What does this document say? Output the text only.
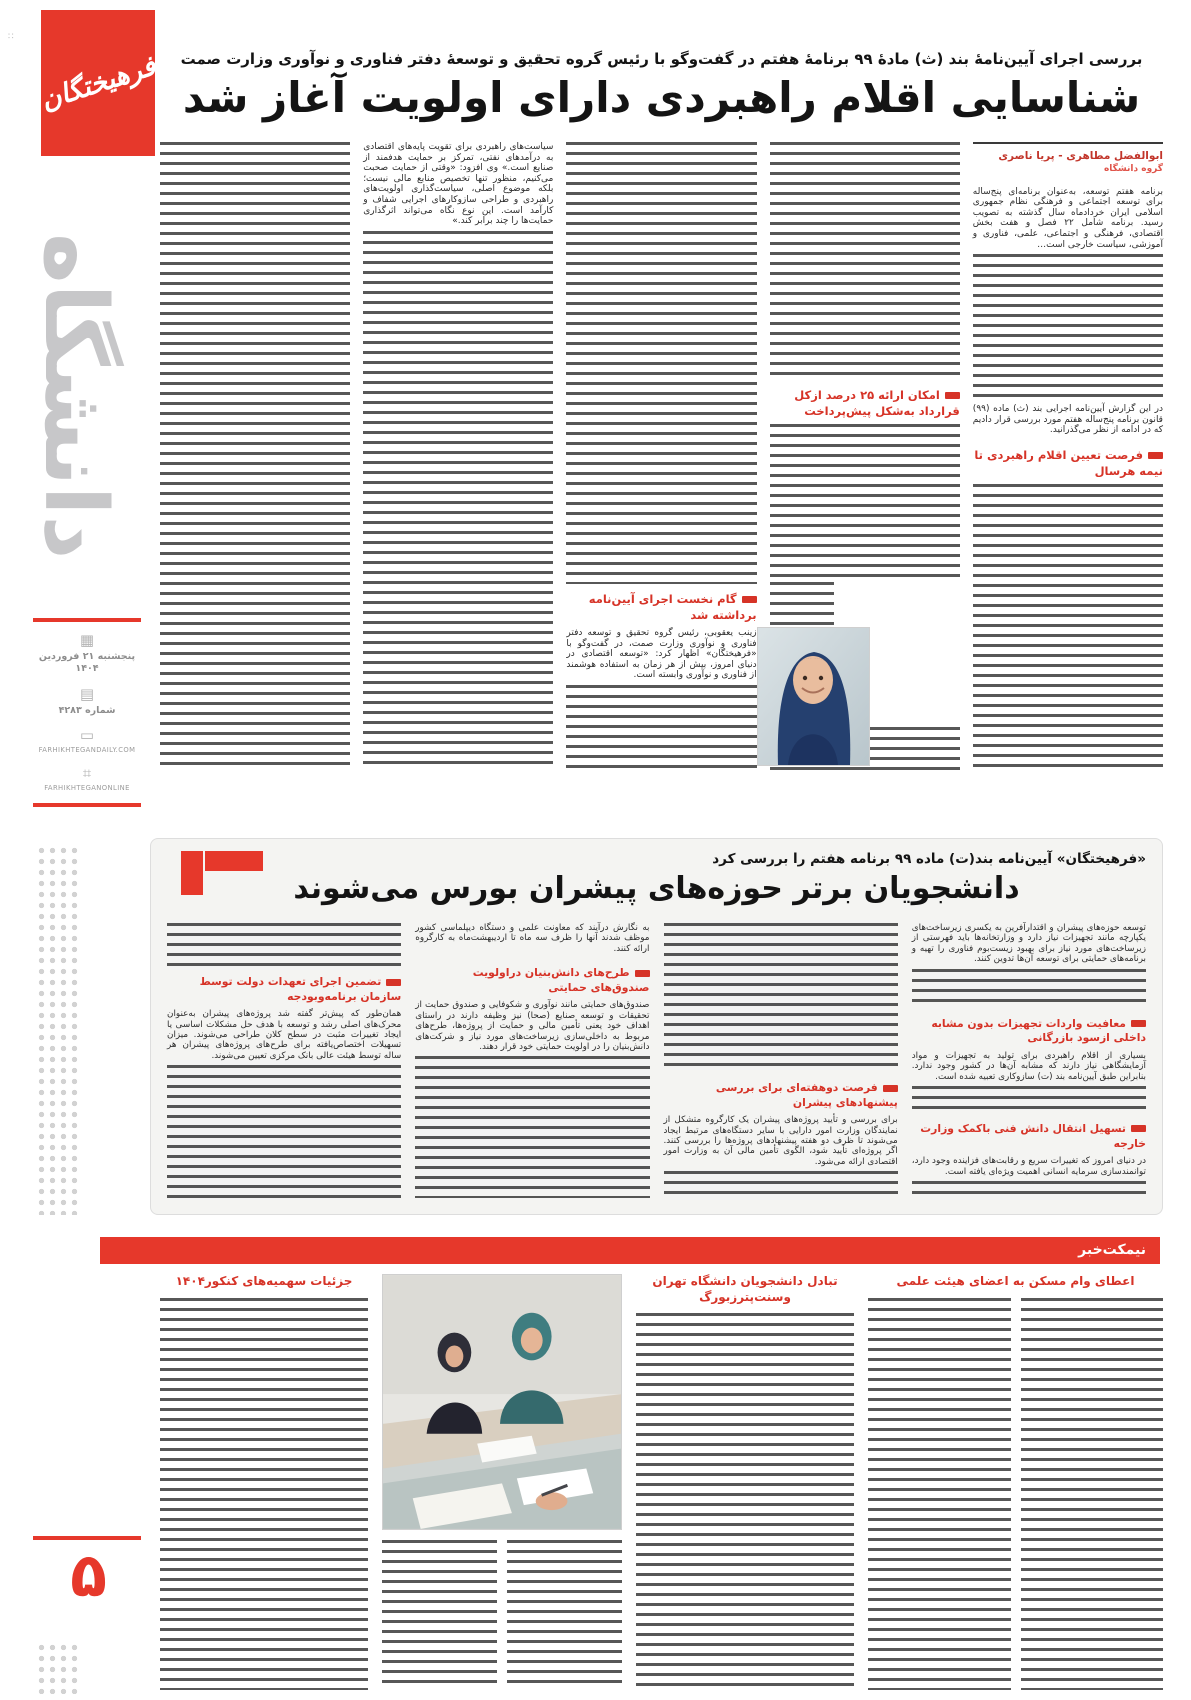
∷
فرهیختگان
دانشگاه
▦
پنجشنبه ۲۱ فروردین ۱۴۰۴
▤
شماره ۴۲۸۳
▭
FARHIKHTEGANDAILY.COM
⌗
FARHIKHTEGANONLINE
۵
بررسی اجرای آیین‌نامهٔ بند (ث) مادهٔ ۹۹ برنامهٔ هفتم در گفت‌وگو با رئیس گروه تحقیق و توسعهٔ دفتر فناوری و نوآوری وزارت صمت
شناسایی اقلام راهبردی دارای اولویت آغاز شد
ابوالفضل مطاهری - پریا ناصری
گروه دانشگاه

برنامه هفتم توسعه، به‌عنوان برنامه‌ای پنج‌ساله برای توسعه اجتماعی و فرهنگی نظام جمهوری اسلامی ایران خردادماه سال گذشته به تصویب رسید. برنامه شامل ۲۲ فصل و هفت بخش اقتصادی، فرهنگی و اجتماعی، علمی، فناوری و آموزشی، سیاست خارجی است…

در این گزارش آیین‌نامه اجرایی بند (ث) ماده (۹۹) قانون برنامه پنج‌ساله هفتم مورد بررسی قرار دادیم که در ادامه از نظر می‌گذرانید.

فرصت تعیین اقلام راهبردی تا نیمه هرسال
امکان ارائه ۲۵ درصد ازکل قرارداد به‌شکل پیش‌پرداخت
گام نخست اجرای آیین‌نامه برداشته شد

زینب یعقوبی، رئیس گروه تحقیق و توسعه دفتر فناوری و نوآوری وزارت صمت، در گفت‌وگو با «فرهیختگان» اظهار کرد: «توسعه اقتصادی در دنیای امروز، بیش از هر زمان به استفاده هوشمند از فناوری و نوآوری وابسته است.

سیاست‌های راهبردی برای تقویت پایه‌های اقتصادی به درآمدهای نفتی، تمرکز بر حمایت هدفمند از صنایع است.» وی افزود: «وقتی از حمایت صحبت می‌کنیم، منظور تنها تخصیص منابع مالی نیست؛ بلکه موضوع اصلی، سیاست‌گذاری اولویت‌های راهبردی و طراحی سازوکارهای اجرایی شفاف و کارآمد است. این نوع نگاه می‌تواند اثرگذاری حمایت‌ها را چند برابر کند.»

«فرهیختگان» آیین‌نامه بند(ت) ماده ۹۹ برنامه هفتم را بررسی کرد
دانشجویان برتر حوزه‌های پیشران بورس می‌شوند

توسعه حوزه‌های پیشران و اقتدارآفرین به یکسری زیرساخت‌های یکپارچه مانند تجهیزات نیاز دارد و وزارتخانه‌ها باید فهرستی از زیرساخت‌های مورد نیاز برای بهبود زیست‌بوم فناوری را تهیه و برنامه‌های حمایتی برای توسعه آن‌ها تدوین کنند.

معافیت واردات تجهیزات بدون مشابه داخلی ازسود بازرگانی

بسیاری از اقلام راهبردی برای تولید به تجهیزات و مواد آزمایشگاهی نیاز دارند که مشابه آن‌ها در کشور وجود ندارد. بنابراین طبق آیین‌نامه بند (ت) سازوکاری تعبیه شده است.

تسهیل انتقال دانش فنی باکمک وزارت خارجه

در دنیای امروز که تغییرات سریع و رقابت‌های فزاینده وجود دارد، توانمندسازی سرمایه انسانی اهمیت ویژه‌ای یافته است.

فرصت دوهفته‌ای برای بررسی پیشنهادهای پیشران

برای بررسی و تأیید پروژه‌های پیشران یک کارگروه متشکل از نمایندگان وزارت امور دارایی با سایر دستگاه‌های مرتبط ایجاد می‌شوند تا ظرف دو هفته پیشنهادهای پروژه‌ها را بررسی کنند. اگر پروژه‌ای تأیید شود، الگوی تأمین مالی آن به وزارت امور اقتصادی ارائه می‌شود.

به نگارش درآیند که معاونت علمی و دستگاه دیپلماسی کشور موظف شدند آنها را ظرف سه ماه تا اردیبهشت‌ماه به کارگروه ارائه کنند.

طرح‌های دانش‌بنیان دراولویت صندوق‌های حمایتی

صندوق‌های حمایتی مانند نوآوری و شکوفایی و صندوق حمایت از تحقیقات و توسعه صنایع (صحا) نیز وظیفه دارند در راستای اهداف خود یعنی تأمین مالی و حمایت از پروژه‌ها، طرح‌های مربوط به داخلی‌سازی زیرساخت‌های مورد نیاز و شرکت‌های دانش‌بنیان را در اولویت حمایتی خود قرار دهند.

تضمین اجرای تعهدات دولت توسط سازمان برنامه‌وبودجه

همان‌طور که پیش‌تر گفته شد پروژه‌های پیشران به‌عنوان محرک‌های اصلی رشد و توسعه با هدف حل مشکلات اساسی یا ایجاد تغییرات مثبت در سطح کلان طراحی می‌شوند. میزان تسهیلات اختصاص‌یافته برای طرح‌های پروژه‌های پیشران هر ساله توسط هیئت عالی بانک مرکزی تعیین می‌شوند.

نیمکت‌خبر
اعطای وام مسکن به اعضای هیئت علمی
تبادل دانشجویان دانشگاه تهران وسنت‌پترزبورگ
جزئیات سهمیه‌های کنکور۱۴۰۴
